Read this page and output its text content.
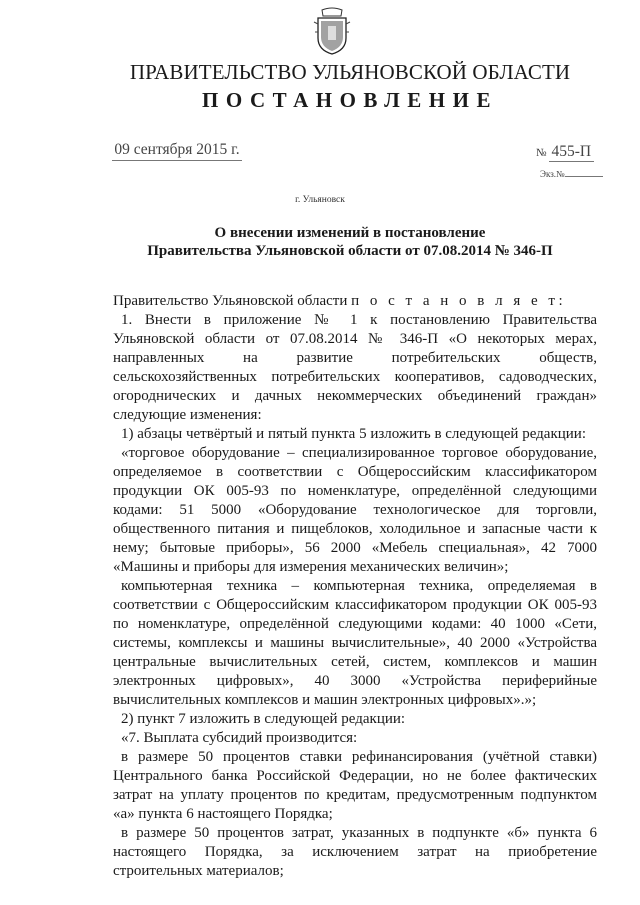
ПРАВИТЕЛЬСТВО УЛЬЯНОВСКОЙ ОБЛАСТИ
ПОСТАНОВЛЕНИЕ
09 сентября 2015 г.	№ 455-П
Экз.№
г. Ульяновск
О внесении изменений в постановление
Правительства Ульяновской области от 07.08.2014 № 346-П

Правительство Ульяновской области п о с т а н о в л я е т:

1. Внести в приложение № 1 к постановлению Правительства Ульяновской области от 07.08.2014 № 346-П «О некоторых мерах, направленных на развитие потребительских обществ, сельскохозяйственных потребительских кооперативов, садоводческих, огороднических и дачных некоммерческих объединений граждан» следующие изменения:

1) абзацы четвёртый и пятый пункта 5 изложить в следующей редакции:

«торговое оборудование – специализированное торговое оборудование, определяемое в соответствии с Общероссийским классификатором продукции ОК 005-93 по номенклатуре, определённой следующими кодами: 51 5000 «Оборудование технологическое для торговли, общественного питания и пищеблоков, холодильное и запасные части к нему; бытовые приборы», 56 2000 «Мебель специальная», 42 7000 «Машины и приборы для измерения механических величин»;

компьютерная техника – компьютерная техника, определяемая в соответствии с Общероссийским классификатором продукции ОК 005-93 по номенклатуре, определённой следующими кодами: 40 1000 «Сети, системы, комплексы и машины вычислительные», 40 2000 «Устройства центральные вычислительных сетей, систем, комплексов и машин электронных цифровых», 40 3000 «Устройства периферийные вычислительных комплексов и машин электронных цифровых».»;

2) пункт 7 изложить в следующей редакции:

«7. Выплата субсидий производится:

в размере 50 процентов ставки рефинансирования (учётной ставки) Центрального банка Российской Федерации, но не более фактических затрат на уплату процентов по кредитам, предусмотренным подпунктом «а» пункта 6 настоящего Порядка;

в размере 50 процентов затрат, указанных в подпункте «б» пункта 6 настоящего Порядка, за исключением затрат на приобретение строительных материалов;
